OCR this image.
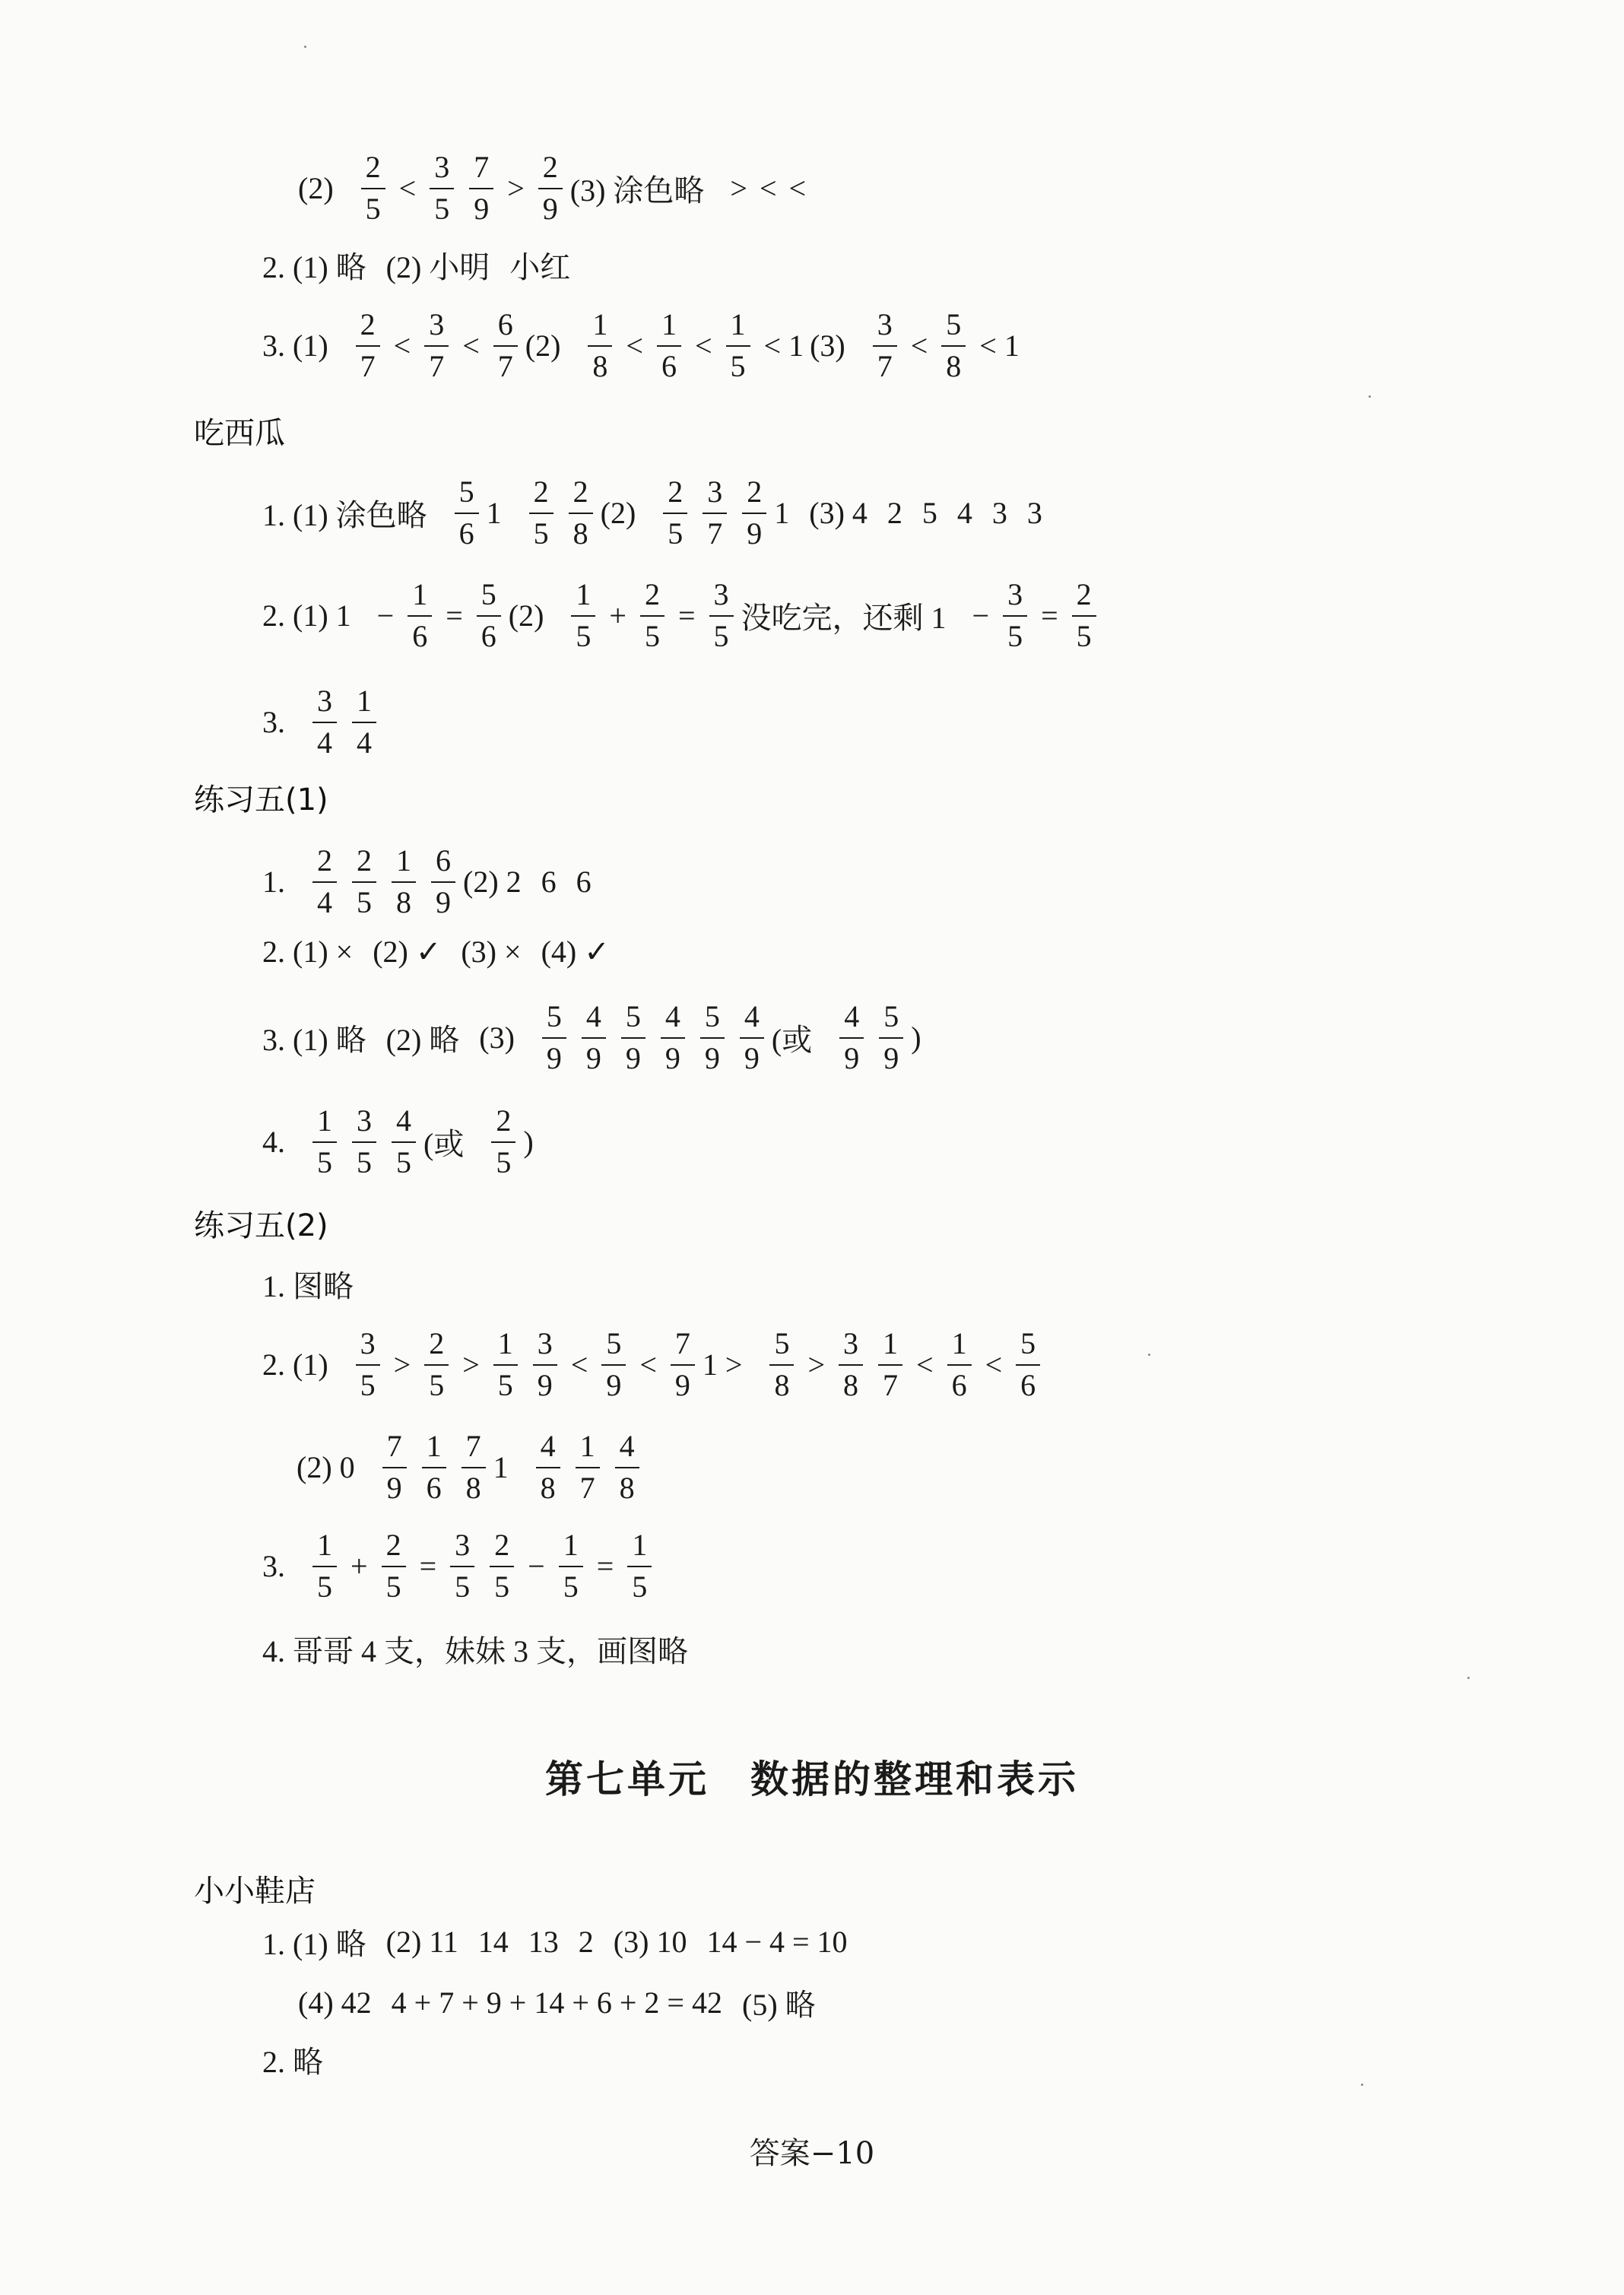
$(2) \frac{2}{5} < \frac{3}{5} \frac{7}{9} > \frac{2}{9} (3)$ 涂色略 > < <
2. (1) 略 (2) 小明 小红
3. $(1) \frac{2}{7} < \frac{3}{7} < \frac{6}{7} (2) \frac{1}{8} < \frac{1}{6} < \frac{1}{5} < 1$ $(3) \frac{3}{7} < \frac{5}{8} < 1$
吃西瓜
1. (1) 涂色略 $\frac{5}{6} 1 \frac{2}{5} \frac{2}{8} (2) \frac{2}{5} \frac{3}{7} \frac{2}{9} 1$ (3) 4 2 5 4 3 3
2. (1) $1 - \frac{1}{6} = \frac{5}{6} (2) \frac{1}{5} + \frac{2}{5} = \frac{3}{5}$ 没吃完，还剩 $1 - \frac{3}{5} = \frac{2}{5}$
3. $\frac{3}{4} \frac{1}{4}$
练习五(1)
1. $\frac{2}{4} \frac{2}{5} \frac{1}{8} \frac{6}{9} (2)$ 2 6 6
2. (1) × (2) ✓ (3) × (4) ✓
3. (1) 略 (2) 略 $(3) \frac{5}{9} \frac{4}{9} \frac{5}{9} \frac{4}{9} \frac{5}{9} \frac{4}{9}$ (或 $\frac{4}{9} \frac{5}{9}$ )
4. $\frac{1}{5} \frac{3}{5} \frac{4}{5}$ (或 $\frac{2}{5}$ )
练习五(2)
1. 图略
2. $(1) \frac{3}{5} > \frac{2}{5} > \frac{1}{5} \frac{3}{9} < \frac{5}{9} < \frac{7}{9} 1 > \frac{5}{8} > \frac{3}{8} \frac{1}{7} < \frac{1}{6} < \frac{5}{6}$
(2) $0 \frac{7}{9} \frac{1}{6} \frac{7}{8} 1 \frac{4}{8} \frac{1}{7} \frac{4}{8}$
3. $\frac{1}{5} + \frac{2}{5} = \frac{3}{5} \frac{2}{5} - \frac{1}{5} = \frac{1}{5}$
4. 哥哥 4 支，妹妹 3 支，画图略
第七单元　数据的整理和表示
小小鞋店
1. (1) 略 (2) 11 14 13 2 (3) 10 14 − 4 = 10
(4) 42 4 + 7 + 9 + 14 + 6 + 2 = 42 (5) 略
2. 略
答案−10
